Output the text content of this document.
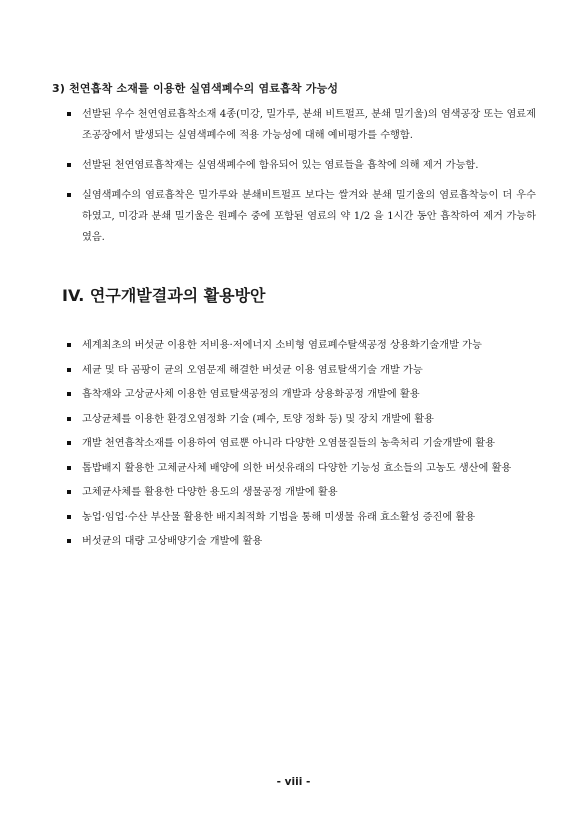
3) 천연흡착 소재를 이용한 실염색폐수의 염료흡착 가능성

선발된 우수 천연염료흡착소재 4종(미강, 밀가루, 분쇄 비트펄프, 분쇄 밀기울)의 염색공장 또는 염료제조공장에서 발생되는 실염색폐수에 적용 가능성에 대해 예비평가를 수행함.
선발된 천연염료흡착재는 실염색폐수에 함유되어 있는 염료들을 흡착에 의해 제거 가능함.
실염색폐수의 염료흡착은 밀가루와 분쇄비트펄프 보다는 쌀겨와 분쇄 밀기울의 염료흡착능이 더 우수하였고, 미강과 분쇄 밀기울은 원폐수 중에 포함된 염료의 약 1/2 을 1시간 동안 흡착하여 제거 가능하였음.
IV. 연구개발결과의 활용방안
세계최초의 버섯균 이용한 저비용·저에너지 소비형 염료폐수탈색공정 상용화기술개발 가능
세균 및 타 곰팡이 균의 오염문제 해결한 버섯균 이용 염료탈색기술 개발 가능
흡착재와 고상균사체 이용한 염료탈색공정의 개발과 상용화공정 개발에 활용
고상균체를 이용한 환경오염정화 기술 (폐수, 토양 정화 등) 및 장치 개발에 활용
개발 천연흡착소재를 이용하여 염료뿐 아니라 다양한 오염물질들의 농축처리 기술개발에 활용
톱밥배지 활용한 고체균사체 배양에 의한 버섯유래의 다양한 기능성 효소들의 고농도 생산에 활용
고체균사체를 활용한 다양한 용도의 생물공정 개발에 활용
농업·임업·수산 부산물 활용한 배지최적화 기법을 통해 미생물 유래 효소활성 증진에 활용
버섯균의 대량 고상배양기술 개발에 활용
- viii -
